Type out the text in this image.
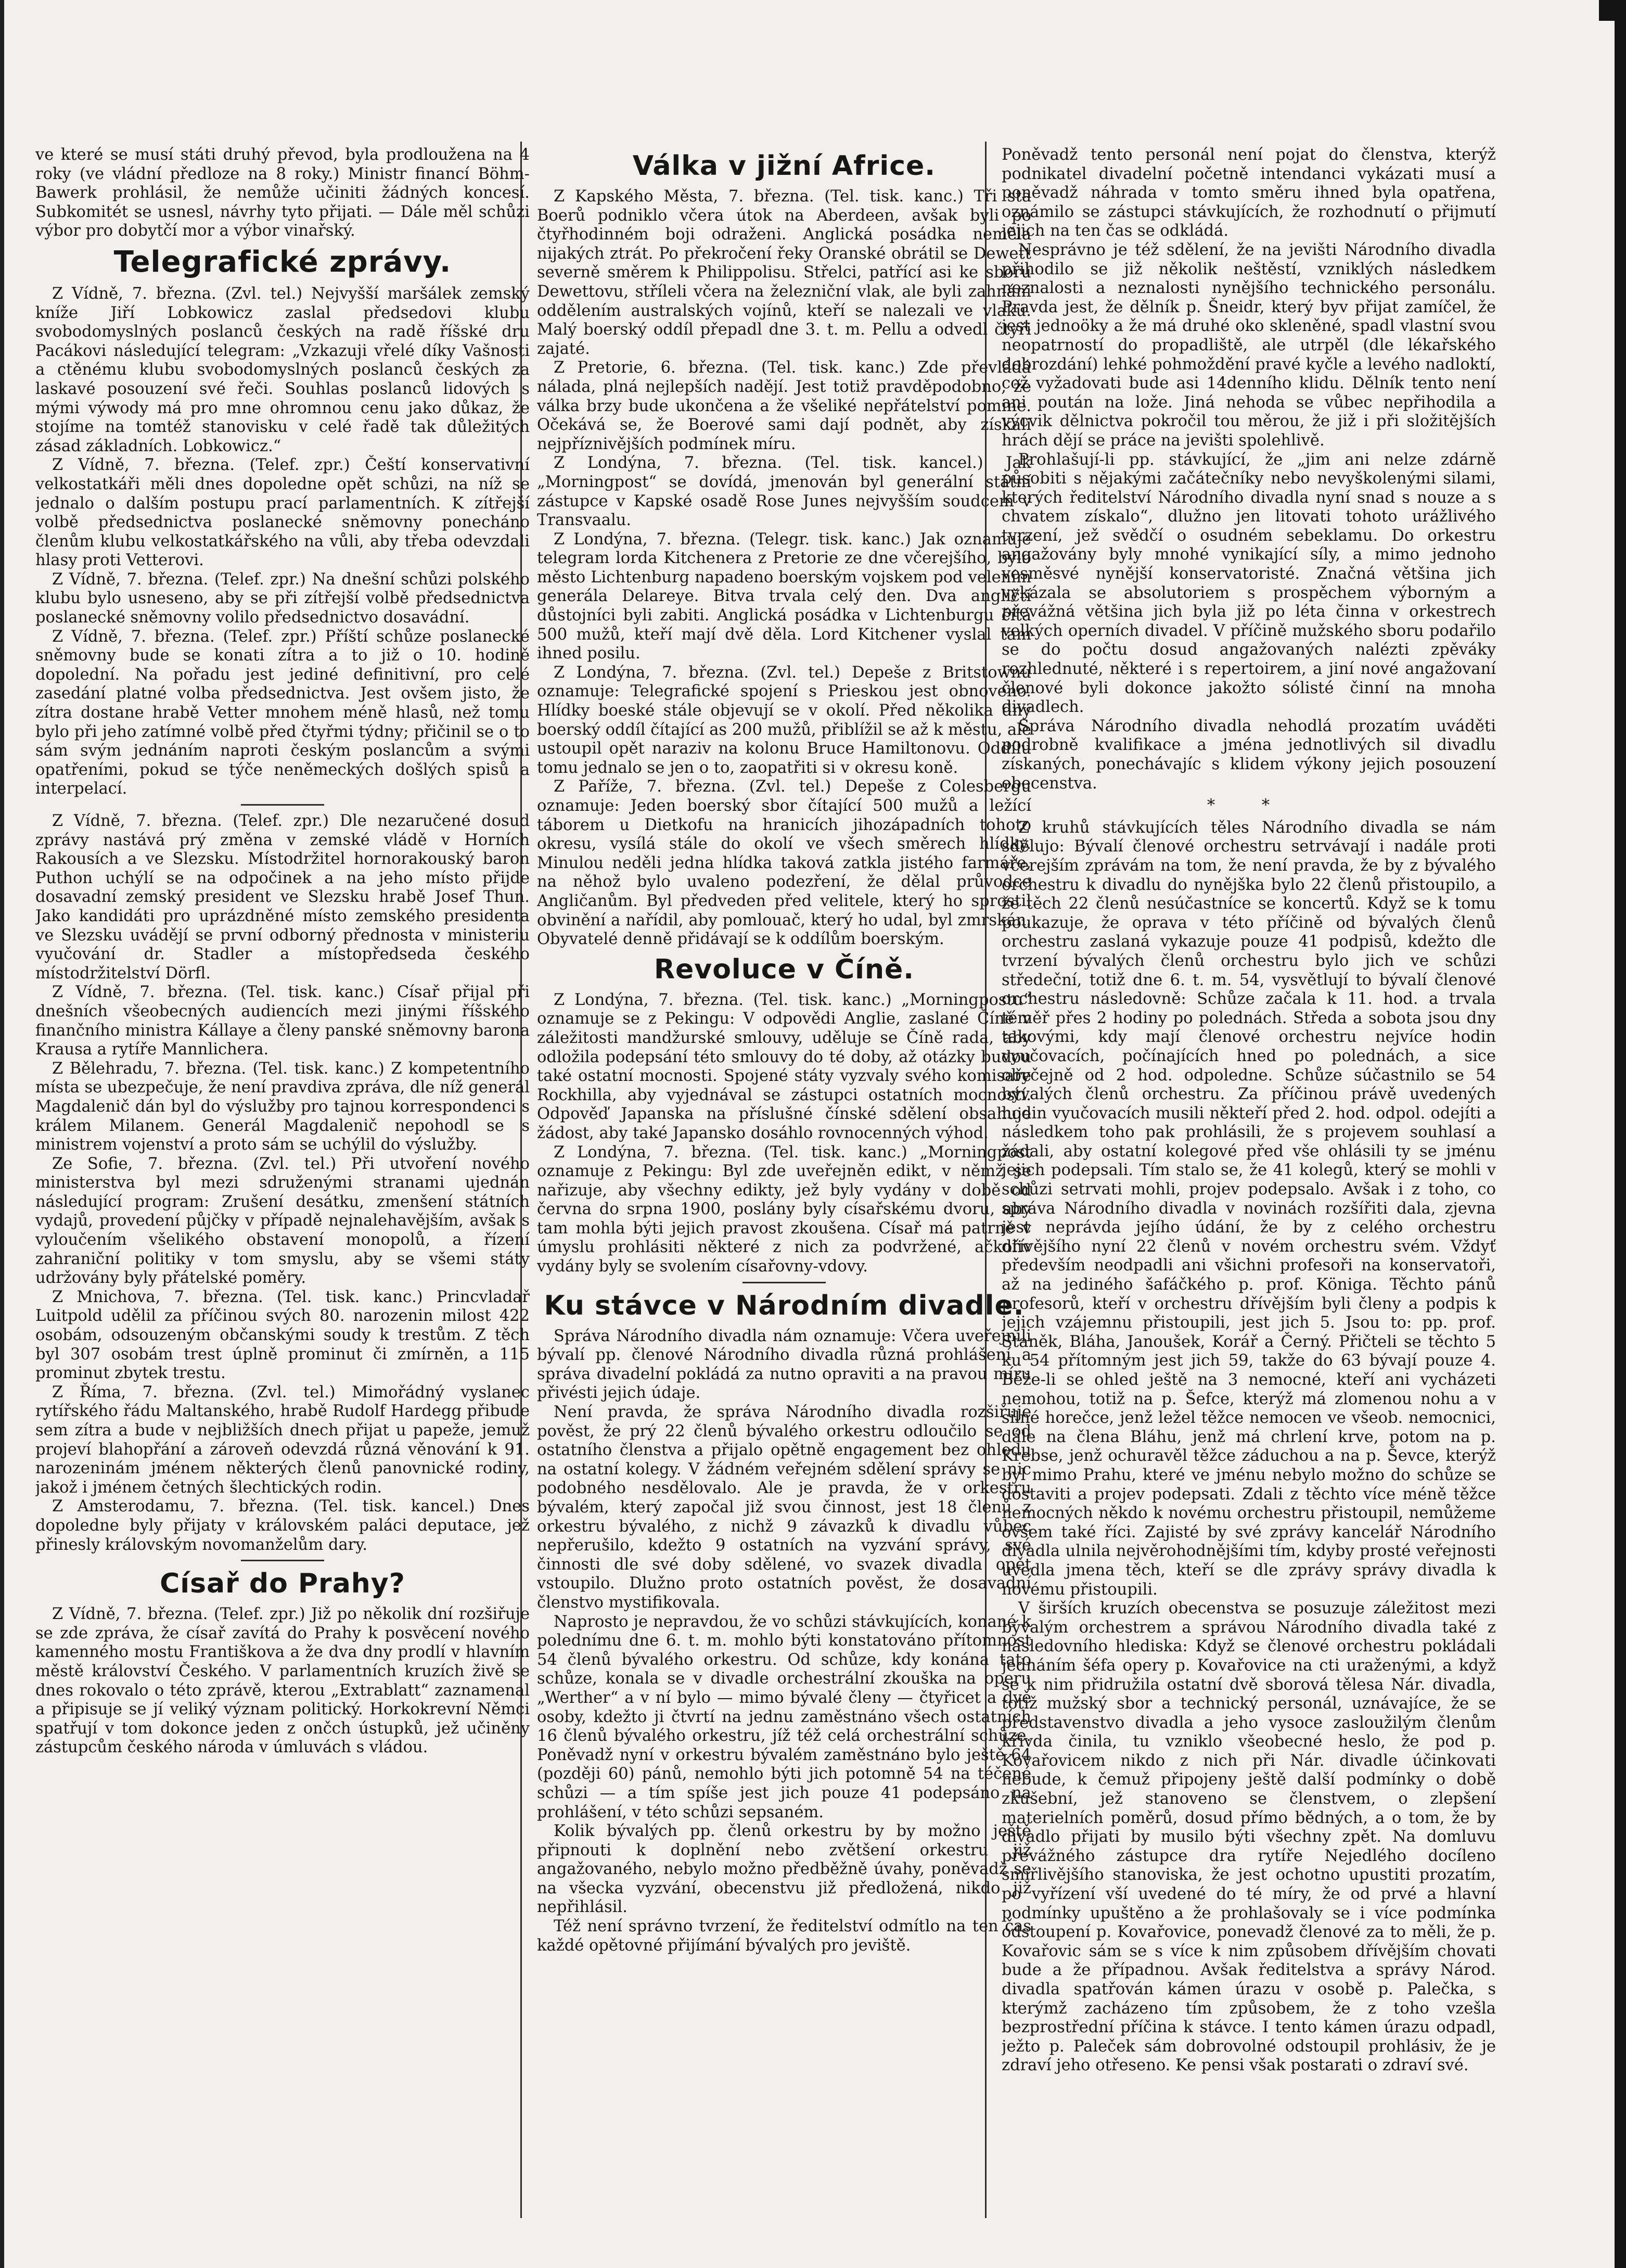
ve které se musí státi druhý převod, byla prodloužena na 4 roky (ve vládní předloze na 8 roky.) Ministr financí Böhm-Bawerk prohlásil, že nemůže učiniti žádných koncesí. Subkomitét se usnesl, návrhy tyto přijati. — Dále měl schůzi výbor pro dobytčí mor a výbor vinařský.

Telegrafické zprávy.

Z Vídně, 7. března. (Zvl. tel.) Nejvyšší maršálek zemský kníže Jiří Lobkowicz zaslal předsedovi klubu svobodomyslných poslanců českých na radě říšské dru Pacákovi následující telegram: „Vzkazuji vřelé díky Vašnosti a ctěnému klubu svobodomyslných poslanců českých za laskavé posouzení své řeči. Souhlas poslanců lidových s mými výwody má pro mne ohromnou cenu jako důkaz, že stojíme na tomtéž stanovisku v celé řadě tak důležitých zásad základních. Lobkowicz.“

Z Vídně, 7. března. (Telef. zpr.) Čeští konservativní velkostatkáři měli dnes dopoledne opět schůzi, na níž se jednalo o dalším postupu prací parlamentních. K zítřejší volbě předsednictva poslanecké sněmovny ponecháno členům klubu velkostatkářského na vůli, aby třeba odevzdali hlasy proti Vetterovi.

Z Vídně, 7. března. (Telef. zpr.) Na dnešní schůzi polského klubu bylo usneseno, aby se při zítřejší volbě předsednictva poslanecké sněmovny volilo předsednictvo dosavádní.

Z Vídně, 7. března. (Telef. zpr.) Příští schůze poslanecké sněmovny bude se konati zítra a to již o 10. hodině dopolední. Na pořadu jest jediné definitivní, pro celé zasedání platné volba předsednictva. Jest ovšem jisto, že zítra dostane hrabě Vetter mnohem méně hlasů, než tomu bylo při jeho zatímné volbě před čtyřmi týdny; přičinil se o to sám svým jednáním naproti českým poslancům a svými opatřeními, pokud se týče neněmeckých došlých spisů a interpelací.

Z Vídně, 7. března. (Telef. zpr.) Dle nezaručené dosud zprávy nastává prý změna v zemské vládě v Horních Rakousích a ve Slezsku. Místodržitel hornorakouský baron Puthon uchýlí se na odpočinek a na jeho místo přijde dosavadní zemský president ve Slezsku hrabě Josef Thun. Jako kandidáti pro uprázdněné místo zemského presidenta ve Slezsku uvádějí se první odborný přednosta v ministeriu vyučování dr. Stadler a místopředseda českého místodržitelství Dörfl.

Z Vídně, 7. března. (Tel. tisk. kanc.) Císař přijal při dnešních všeobecných audiencích mezi jinými říšského finančního ministra Kállaye a členy panské sněmovny barona Krausa a rytíře Mannlichera.

Z Bělehradu, 7. března. (Tel. tisk. kanc.) Z kompetentního místa se ubezpečuje, že není pravdiva zpráva, dle níž generál Magdalenič dán byl do výslužby pro tajnou korrespondenci s králem Milanem. Generál Magdalenič nepohodl se s ministrem vojenství a proto sám se uchýlil do výslužby.

Ze Sofie, 7. března. (Zvl. tel.) Při utvoření nového ministerstva byl mezi sdruženými stranami ujednán následující program: Zrušení desátku, zmenšení státních vydajů, provedení půjčky v případě nejnalehavějším, avšak s vyloučením všelikého obstavení monopolů, a řízení zahraniční politiky v tom smyslu, aby se všemi státy udržovány byly přátelské poměry.

Z Mnichova, 7. března. (Tel. tisk. kanc.) Princvladař Luitpold udělil za příčinou svých 80. narozenin milost 422 osobám, odsouzeným občanskými soudy k trestům. Z těch byl 307 osobám trest úplně prominut či zmírněn, a 115 prominut zbytek trestu.

Z Říma, 7. března. (Zvl. tel.) Mimořádný vyslanec rytířského řádu Maltanského, hrabě Rudolf Hardegg přibude sem zítra a bude v nejbližších dnech přijat u papeže, jemuž projeví blahopřání a zároveň odevzdá různá věnování k 91. narozeninám jménem některých členů panovnické rodiny, jakož i jménem četných šlechtických rodin.

Z Amsterodamu, 7. března. (Tel. tisk. kancel.) Dnes dopoledne byly přijaty v královském paláci deputace, jež přinesly královským novomanželům dary.

Císař do Prahy?

Z Vídně, 7. března. (Telef. zpr.) Již po několik dní rozšiřuje se zde zpráva, že císař zavítá do Prahy k posvěcení nového kamenného mostu Františkova a že dva dny prodlí v hlavním městě království Českého. V parlamentních kruzích živě se dnes rokovalo o této zprávě, kterou „Extrablatt“ zaznamenal a připisuje se jí veliký význam politický. Horkokrevní Němci spatřují v tom dokonce jeden z ončch ústupků, jež učiněny zástupcům českého národa v úmluvách s vládou.

Válka v jižní Africe.

Z Kapského Města, 7. března. (Tel. tisk. kanc.) Tři sta Boerů podniklo včera útok na Aberdeen, avšak byli po čtyřhodinném boji odraženi. Anglická posádka neměla nijakých ztrát. Po překročení řeky Oranské obrátil se Dewett severně směrem k Philippolisu. Střelci, patřící asi ke sboru Dewettovu, stříleli včera na železniční vlak, ale byli zahnáni oddělením australských vojínů, kteří se nalezali ve vlaku. Malý boerský oddíl přepadl dne 3. t. m. Pellu a odvedl čtyři zajaté.

Z Pretorie, 6. března. (Tel. tisk. kanc.) Zde převládá nálada, plná nejlepších nadějí. Jest totiž pravděpodobno, že válka brzy bude ukončena a že všeliké nepřátelství pomine. Očekává se, že Boerové sami dají podnět, aby získali nejpříznivějších podmínek míru.

Z Londýna, 7. března. (Tel. tisk. kancel.) Jak „Morningpost“ se dovídá, jmenován byl generální státní zástupce v Kapské osadě Rose Junes nejvyšším soudcem v Transvaalu.

Z Londýna, 7. března. (Telegr. tisk. kanc.) Jak oznamuje telegram lorda Kitchenera z Pretorie ze dne včerejšího, bylo město Lichtenburg napadeno boerským vojskem pod velením generála Delareye. Bitva trvala celý den. Dva angličtí důstojníci byli zabiti. Anglická posádka v Lichtenburgu čítá 500 mužů, kteří mají dvě děla. Lord Kitchener vyslal tam ihned posilu.

Z Londýna, 7. března. (Zvl. tel.) Depeše z Britstownu oznamuje: Telegrafické spojení s Prieskou jest obnoveno. Hlídky boeské stále objevují se v okolí. Před několika dny boerský oddíl čítající as 200 mužů, přiblížil se až k městu, ale ustoupil opět naraziv na kolonu Bruce Hamiltonovu. Oddílu tomu jednalo se jen o to, zaopatřiti si v okresu koně.

Z Paříže, 7. března. (Zvl. tel.) Depeše z Colesbergu oznamuje: Jeden boerský sbor čítající 500 mužů a ležící táborem u Dietkofu na hranicích jihozápadních tohoto okresu, vysílá stále do okolí ve všech směrech hlídky. Minulou neděli jedna hlídka taková zatkla jistého farmáře, na něhož bylo uvaleno podezření, že dělal průvodce Angličanům. Byl předveden před velitele, který ho sprostil obvinění a nařídil, aby pomlouač, který ho udal, byl zmrskán. Obyvatelé denně přidávají se k oddílům boerským.

Revoluce v Číně.

Z Londýna, 7. března. (Tel. tisk. kanc.) „Morningpostu“ oznamuje se z Pekingu: V odpovědi Anglie, zaslané Číně v záležitosti mandžurské smlouvy, uděluje se Číně rada, aby odložila podepsání této smlouvy do té doby, až otázky budou také ostatní mocnosti. Spojené státy vyzvaly svého komisaře Rockhilla, aby vyjednával se zástupci ostatních mocností. Odpověď Japanska na příslušné čínské sdělení obsahuje žádost, aby také Japansko dosáhlo rovnocenných výhod.

Z Londýna, 7. března. (Tel. tisk. kanc.) „Morningpost oznamuje z Pekingu: Byl zde uveřejněn edikt, v němž se nařizuje, aby všechny edikty, jež byly vydány v době od června do srpna 1900, poslány byly císařskému dvoru, aby tam mohla býti jejich pravost zkoušena. Císař má patrně v úmyslu prohlásiti některé z nich za podvržené, ačkoliv vydány byly se svolením císařovny-vdovy.

Ku stávce v Národním divadle.

Správa Národního divadla nám oznamuje: Včera uveřejnili bývalí pp. členové Národního divadla různá prohlášení a správa divadelní pokládá za nutno opraviti a na pravou míru přivésti jejich údaje.

Není pravda, že správa Národního divadla rozšiřuje pověst, že prý 22 členů bývalého orkestru odloučilo se od ostatního členstva a přijalo opětně engagement bez ohledu na ostatní kolegy. V žádném veřejném sdělení správy se nic podobného nesdělovalo. Ale je pravda, že v orkestru bývalém, který započal již svou činnost, jest 18 členů z orkestru bývalého, z nichž 9 závazků k divadlu vůbec nepřerušilo, kdežto 9 ostatních na vyzvání správy, své činnosti dle své doby sdělené, vo svazek divadla opět vstoupilo. Dlužno proto ostatních pověst, že dosavadní členstvo mystifikovala.

Naprosto je nepravdou, že vo schůzi stávkujících, konané k polednímu dne 6. t. m. mohlo býti konstatováno přítomnost 54 členů bývalého orkestru. Od schůze, kdy konána tato schůze, konala se v divadle orchestrální zkouška na operu „Werther“ a v ní bylo — mimo bývalé členy — čtyřicet a dvě osoby, kdežto ji čtvrtí na jednu zaměstnáno všech ostatních 16 členů bývalého orkestru, jíž též celá orchestrální schůze. Poněvadž nyní v orkestru bývalém zaměstnáno bylo ještě 64 (později 60) pánů, nemohlo býti jich potomně 54 na téčené schůzi — a tím spíše jest jich pouze 41 podepsáno na prohlášení, v této schůzi sepsaném.

Kolik bývalých pp. členů orkestru by by možno ještě připnouti k doplnění nebo zvětšení orkestru již angažovaného, nebylo možno předběžně úvahy, poněvadž se na všecka vyzvání, obecenstvu již předložená, nikdo již nepřihlásil.

Též není správno tvrzení, že ředitelství odmítlo na ten čas každé opětovné přijímání bývalých pro jeviště.

Poněvadž tento personál není pojat do členstva, kterýž podnikatel divadelní početně intendanci vykázati musí a poněvadž náhrada v tomto směru ihned byla opatřena, oznámilo se zástupci stávkujících, že rozhodnutí o přijmutí jejich na ten čas se odkládá.

Nesprávno je též sdělení, že na jevišti Národního divadla přihodilo se již několik neštěstí, vzniklých následkem neznalosti a neznalosti nynějšího technického personálu. Pravda jest, že dělník p. Šneidr, který byv přijat zamíčel, že jest jednoöky a že má druhé oko skleněné, spadl vlastní svou neopatrností do propadliště, ale utrpěl (dle lékařského dobrozdání) lehké pohmoždění pravé kyčle a levého nadloktí, což vyžadovati bude asi 14denního klidu. Dělník tento není ani poután na lože. Jiná nehoda se vůbec nepřihodila a výcvik dělnictva pokročil tou měrou, že již i při složitějších hrách dějí se práce na jevišti spolehlivě.

Prohlašují-li pp. stávkující, že „jim ani nelze zdárně působiti s nějakými začátečníky nebo nevyškolenými silami, kterých ředitelství Národního divadla nyní snad s nouze a s chvatem získalo“, dlužno jen litovati tohoto urážlivého tvrzení, jež svědčí o osudném sebeklamu. Do orkestru angažovány byly mnohé vynikající síly, a mimo jednoho vesměsvé nynější konservatoristé. Značná většina jich vykázala se absolutoriem s prospěchem výborným a převážná většina jich byla již po léta činna v orkestrech velkých operních divadel. V příčině mužského sboru podařilo se do počtu dosud angažovaných nalézti zpěváky rozhlednuté, některé i s repertoirem, a jiní nové angažovaní členové byli dokonce jakožto sólisté činní na mnoha divadlech.

Správa Národního divadla nehodlá prozatím uváděti podrobně kvalifikace a jména jednotlivých sil divadlu získaných, ponechávajíc s klidem výkony jejich posouzení obecenstva.

* *

Z kruhů stávkujících těles Národního divadla se nám sdělujo: Bývalí členové orchestru setrvávají i nadále proti včerejším zprávám na tom, že není pravda, že by z bývalého orchestru k divadlu do nynějška bylo 22 členů přistoupilo, a že těch 22 členů nesúčastníce se koncertů. Když se k tomu poukazuje, že oprava v této příčině od bývalých členů orchestru zaslaná vykazuje pouze 41 podpisů, kdežto dle tvrzení bývalých členů orchestru bylo jich ve schůzi středeční, totiž dne 6. t. m. 54, vysvětlují to bývalí členové orchestru následovně: Schůze začala k 11. hod. a trvala téměř přes 2 hodiny po polednách. Středa a sobota jsou dny takovými, kdy mají členové orchestru nejvíce hodin vyučovacích, počínajících hned po polednách, a sice obyčejně od 2 hod. odpoledne. Schůze súčastnilo se 54 bývalých členů orchestru. Za příčinou právě uvedených hodin vyučovacích musili někteří před 2. hod. odpol. odejíti a následkem toho pak prohlásili, že s projevem souhlasí a žádali, aby ostatní kolegové před vše ohlásili ty se jménu jejich podepsali. Tím stalo se, že 41 kolegů, který se mohli v schůzi setrvati mohli, projev podepsalo. Avšak i z toho, co správa Národního divadla v novinách rozšířiti dala, zjevna jest neprávda jejího údání, že by z celého orchestru dřívějšího nyní 22 členů v novém orchestru svém. Vždyť především neodpadli ani všichni profesoři na konservatoři, až na jediného šafáčkého p. prof. Königa. Těchto pánů profesorů, kteří v orchestru dřívějším byli členy a podpis k jejich vzájemnu přistoupili, jest jich 5. Jsou to: pp. prof. Staněk, Bláha, Janoušek, Korář a Černý. Přičteli se těchto 5 ku 54 přítomným jest jich 59, takže do 63 bývají pouze 4. Běže-li se ohled ještě na 3 nemocné, kteří ani vycházeti nemohou, totiž na p. Šefce, kterýž má zlomenou nohu a v silné horečce, jenž ležel těžce nemocen ve všeob. nemocnici, dále na člena Bláhu, jenž má chrlení krve, potom na p. Krebse, jenž ochuravěl těžce záduchou a na p. Ševce, kterýž byl mimo Prahu, které ve jménu nebylo možno do schůze se dostaviti a projev podepsati. Zdali z těchto více méně těžce nemocných někdo k novému orchestru přistoupil, nemůžeme ovšem také říci. Zajisté by své zprávy kancelář Národního divadla ulnila nejvěrohodnějšími tím, kdyby prosté veřejnosti uvedla jmena těch, kteří se dle zprávy správy divadla k novému přistoupili.

V širších kruzích obecenstva se posuzuje záležitost mezi bývalým orchestrem a správou Národního divadla také z následovního hlediska: Když se členové orchestru pokládali jednáním šéfa opery p. Kovařovice na cti uraženými, a když se k nim přidružila ostatní dvě sborová tělesa Nár. divadla, totiž mužský sbor a technický personál, uznávajíce, že se představenstvo divadla a jeho vysoce zasloužilým členům křivda činila, tu vzniklo všeobecné heslo, že pod p. Kovařovicem nikdo z nich při Nár. divadle účinkovati nebude, k čemuž připojeny ještě další podmínky o době zkušební, jež stanoveno se členstvem, o zlepšení materielních poměrů, dosud přímo bědných, a o tom, že by divadlo přijati by musilo býti všechny zpět. Na domluvu převážného zástupce dra rytíře Nejedlého docíleno smířlivějšího stanoviska, že jest ochotno upustiti prozatím, po vyřízení vší uvedené do té míry, že od prvé a hlavní podmínky upuštěno a že prohlašovaly se i více podmínka odstoupení p. Kovařovice, ponevadž členové za to měli, že p. Kovařovic sám se s více k nim způsobem dřívějším chovati bude a že případnou. Avšak ředitelstva a správy Národ. divadla spatřován kámen úrazu v osobě p. Palečka, s kterýmž zacházeno tím způsobem, že z toho vzešla bezprostřední příčina k stávce. I tento kámen úrazu odpadl, ježto p. Paleček sám dobrovolné odstoupil prohlásiv, že je zdraví jeho otřeseno. Ke pensi však postarati o zdraví své.
